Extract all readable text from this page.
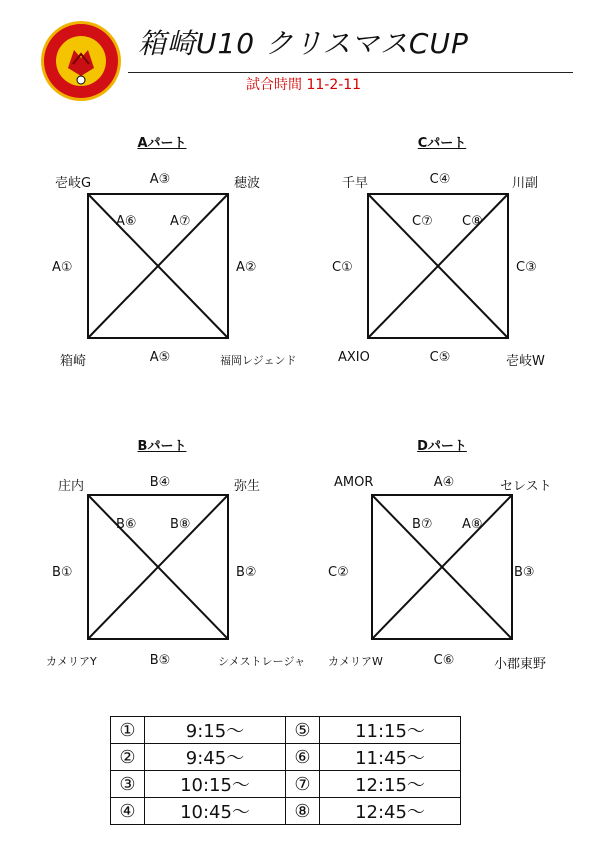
箱崎U10 クリスマスCUP
試合時間 11-2-11
Aパート
壱岐G	穂波
箱崎	福岡レジェンド
A③
A①	A②
A⑤
A⑥	A⑦
Cパート
千早	川副
AXIO	壱岐W
C④
C①	C③
C⑤
C⑦ C⑧
Bパート
庄内	弥生
カメリアY	シメストレージャ
B④
B①	B②
B⑤
B⑥	B⑧
Dパート
AMOR	セレスト
カメリアW	小郡東野
A④
C②	B③
C⑥
B⑦ A⑧
①	9:15～	⑤	11:15～
②	9:45～	⑥	11:45～
③	10:15～	⑦	12:15～
④	10:45～	⑧	12:45～
